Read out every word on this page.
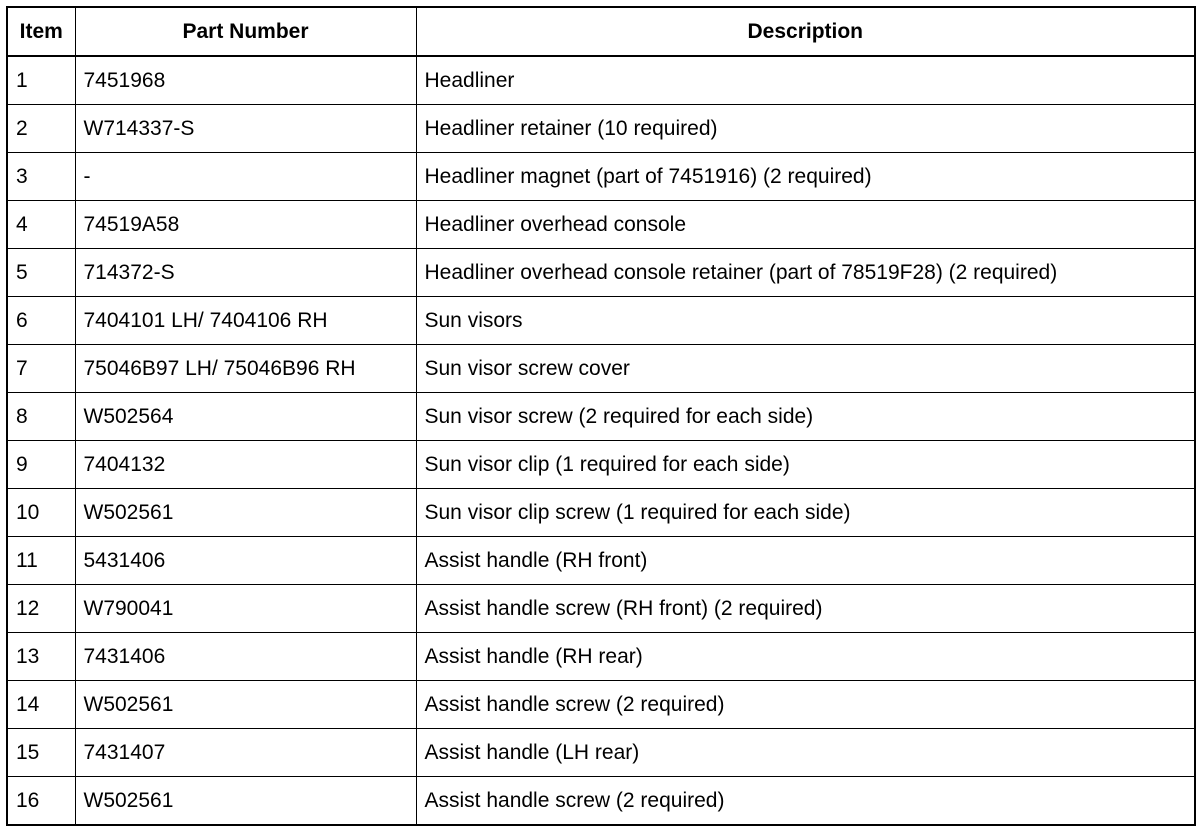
Item	Part Number	Description
1	7451968	Headliner
2	W714337-S	Headliner retainer (10 required)
3	-	Headliner magnet (part of 7451916) (2 required)
4	74519A58	Headliner overhead console
5	714372-S	Headliner overhead console retainer (part of 78519F28) (2 required)
6	7404101 LH/ 7404106 RH	Sun visors
7	75046B97 LH/ 75046B96 RH	Sun visor screw cover
8	W502564	Sun visor screw (2 required for each side)
9	7404132	Sun visor clip (1 required for each side)
10	W502561	Sun visor clip screw (1 required for each side)
11	5431406	Assist handle (RH front)
12	W790041	Assist handle screw (RH front) (2 required)
13	7431406	Assist handle (RH rear)
14	W502561	Assist handle screw (2 required)
15	7431407	Assist handle (LH rear)
16	W502561	Assist handle screw (2 required)
